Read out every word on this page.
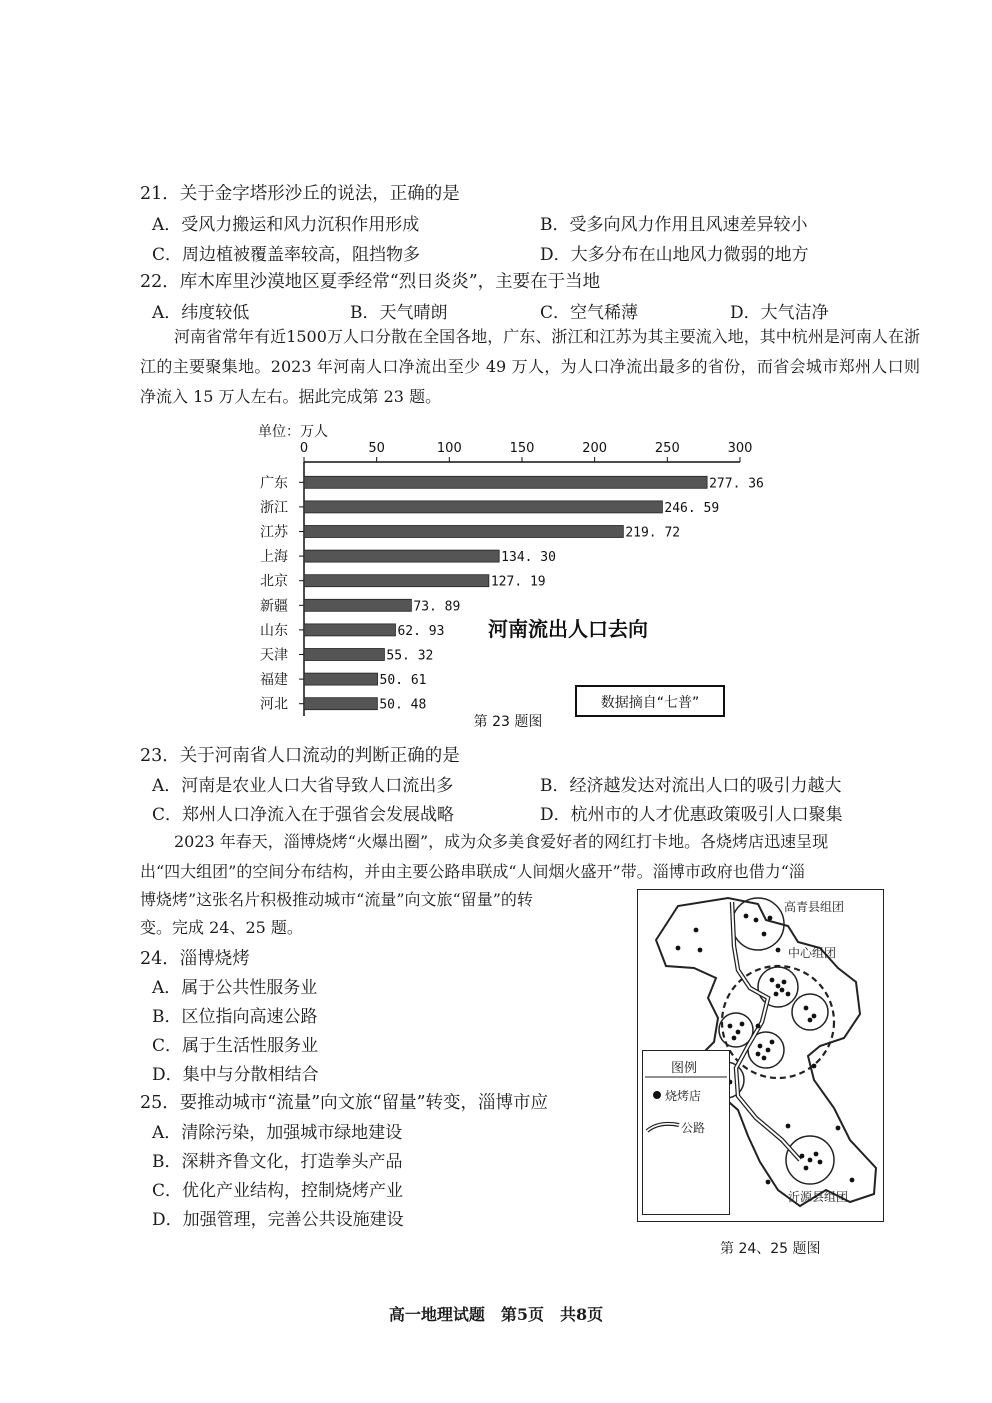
21．关于金字塔形沙丘的说法，正确的是
A．受风力搬运和风力沉积作用形成	B．受多向风力作用且风速差异较小
C．周边植被覆盖率较高，阻挡物多	D．大多分布在山地风力微弱的地方
22．库木库里沙漠地区夏季经常“烈日炎炎”，主要在于当地
A．纬度较低	B．天气晴朗	C．空气稀薄	D．大气洁净
河南省常年有近1500万人口分散在全国各地，广东、浙江和江苏为其主要流入地，其中杭州是河南人在浙江的主要聚集地。2023 年河南人口净流出至少 49 万人，为人口净流出最多的省份，而省会城市郑州人口则净流入 15 万人左右。据此完成第 23 题。
单位：万人
0	50	100	150	200	250	300
广东	277. 36
浙江	246. 59
江苏	219. 72
上海	134. 30
北京	127. 19
新疆	73. 89
山东	62. 93
天津	55. 32
福建	50. 61
河北	50. 48
河南流出人口去向
数据摘自“七普”
第 23 题图
23．关于河南省人口流动的判断正确的是
A．河南是农业人口大省导致人口流出多	B．经济越发达对流出人口的吸引力越大
C．郑州人口净流入在于强省会发展战略	D．杭州市的人才优惠政策吸引人口聚集
2023 年春天，淄博烧烤“火爆出圈”，成为众多美食爱好者的网红打卡地。各烧烤店迅速呈现
出“四大组团”的空间分布结构，并由主要公路串联成“人间烟火盛开”带。淄博市政府也借力“淄
博烧烤”这张名片积极推动城市“流量”向文旅“留量”的转
变。完成 24、25 题。
24．淄博烧烤
A．属于公共性服务业
B．区位指向高速公路
C．属于生活性服务业
D．集中与分散相结合
25．要推动城市“流量”向文旅“留量”转变，淄博市应
A．清除污染，加强城市绿地建设
B．深耕齐鲁文化，打造拳头产品
C．优化产业结构，控制烧烤产业
D．加强管理，完善公共设施建设
高青县组团
中心组团
沂源县组团
图例
烧烤店
公路
第 24、25 题图
高一地理试题　第5页　共8页
